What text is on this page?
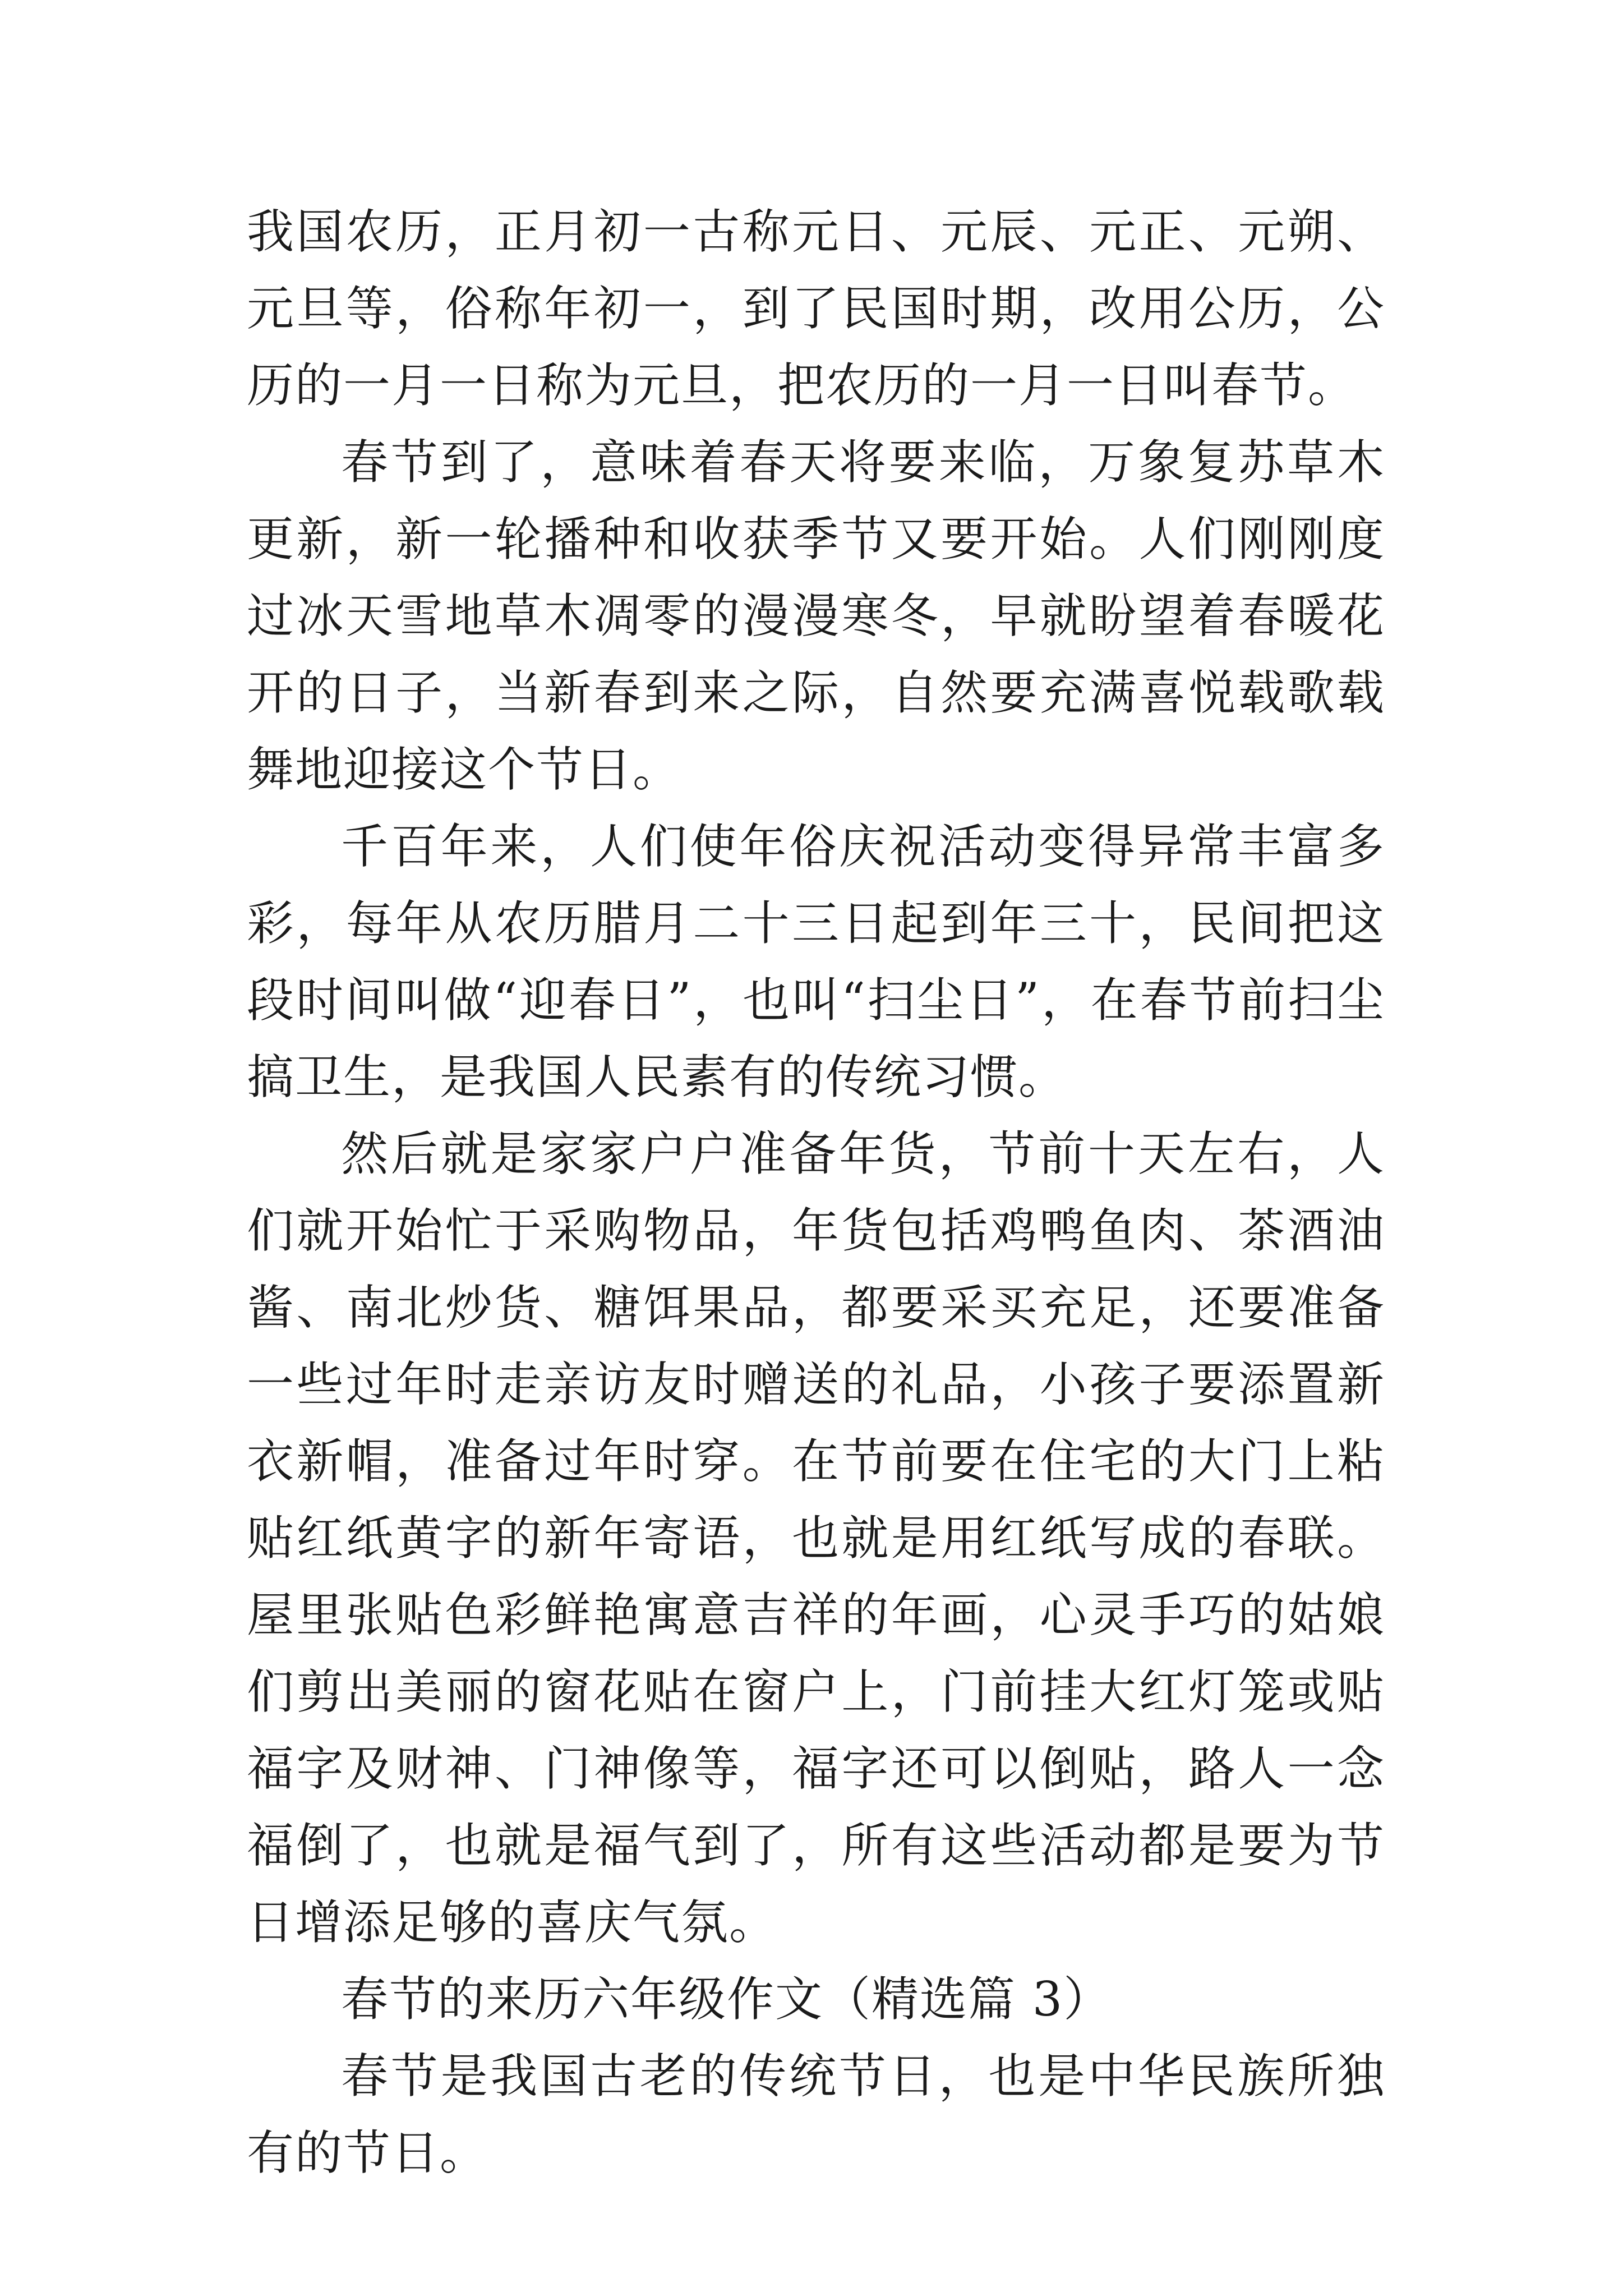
我国农历，正月初一古称元日、元辰、元正、元朔、元旦等，俗称年初一，到了民国时期，改用公历，公历的一月一日称为元旦，把农历的一月一日叫春节。

春节到了，意味着春天将要来临，万象复苏草木更新，新一轮播种和收获季节又要开始。人们刚刚度过冰天雪地草木凋零的漫漫寒冬，早就盼望着春暖花开的日子，当新春到来之际，自然要充满喜悦载歌载舞地迎接这个节日。

千百年来，人们使年俗庆祝活动变得异常丰富多彩，每年从农历腊月二十三日起到年三十，民间把这段时间叫做“迎春日”，也叫“扫尘日”，在春节前扫尘搞卫生，是我国人民素有的传统习惯。

然后就是家家户户准备年货，节前十天左右，人们就开始忙于采购物品，年货包括鸡鸭鱼肉、茶酒油酱、南北炒货、糖饵果品，都要采买充足，还要准备一些过年时走亲访友时赠送的礼品，小孩子要添置新衣新帽，准备过年时穿。在节前要在住宅的大门上粘贴红纸黄字的新年寄语，也就是用红纸写成的春联。屋里张贴色彩鲜艳寓意吉祥的年画，心灵手巧的姑娘们剪出美丽的窗花贴在窗户上，门前挂大红灯笼或贴福字及财神、门神像等，福字还可以倒贴，路人一念福倒了，也就是福气到了，所有这些活动都是要为节日增添足够的喜庆气氛。

春节的来历六年级作文（精选篇 3）

春节是我国古老的传统节日，也是中华民族所独有的节日。
